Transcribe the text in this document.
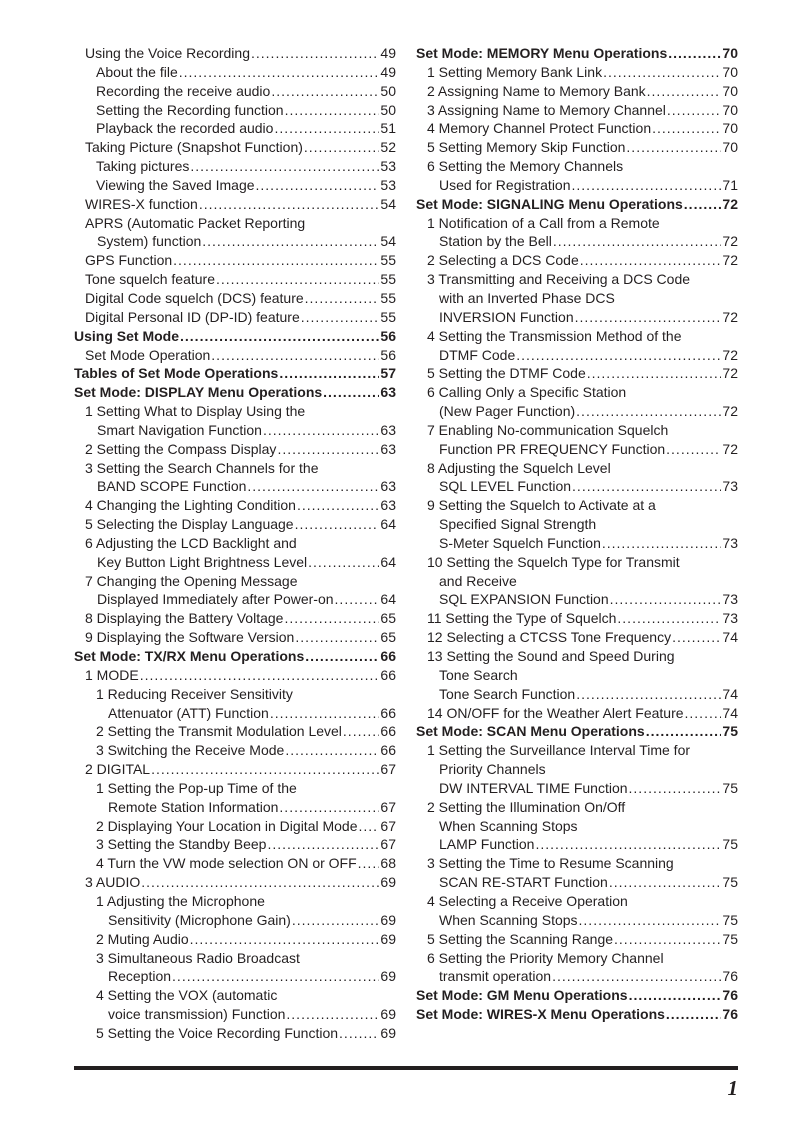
Using the Voice Recording .....	49
About the file .....	49
Recording the receive audio .....	50
Setting the Recording function .....	50
Playback the recorded audio .....	51
Taking Picture (Snapshot Function) .....	52
Taking pictures .....	53
Viewing the Saved Image .....	53
WIRES-X function .....	54
APRS (Automatic Packet Reporting
System) function .....	54
GPS Function .....	55
Tone squelch feature .....	55
Digital Code squelch (DCS) feature .....	55
Digital Personal ID (DP-ID) feature .....	55
Using Set Mode .....	56
Set Mode Operation .....	56
Tables of Set Mode Operations .....	57
Set Mode: DISPLAY Menu Operations .....	63
1 Setting What to Display Using the
Smart Navigation Function .....	63
2 Setting the Compass Display .....	63
3 Setting the Search Channels for the
BAND SCOPE Function .....	63
4 Changing the Lighting Condition .....	63
5 Selecting the Display Language .....	64
6 Adjusting the LCD Backlight and
Key Button Light Brightness Level .....	64
7 Changing the Opening Message
Displayed Immediately after Power-on .....	64
8 Displaying the Battery Voltage .....	65
9 Displaying the Software Version .....	65
Set Mode: TX/RX Menu Operations .....	66
1 MODE .....	66
1 Reducing Receiver Sensitivity
Attenuator (ATT) Function .....	66
2 Setting the Transmit Modulation Level .....	66
3 Switching the Receive Mode .....	66
2 DIGITAL .....	67
1 Setting the Pop-up Time of the
Remote Station Information .....	67
2 Displaying Your Location in Digital Mode ..... 67
3 Setting the Standby Beep .....	67
4 Turn the VW mode selection ON or OFF ..... 68
3 AUDIO .....	69
1 Adjusting the Microphone
Sensitivity (Microphone Gain) .....	69
2 Muting Audio .....	69
3 Simultaneous Radio Broadcast
Reception .....	69
4 Setting the VOX (automatic
voice transmission) Function .....	69
5 Setting the Voice Recording Function .....	69
Set Mode: MEMORY Menu Operations .....	70
1 Setting Memory Bank Link .....	70
2 Assigning Name to Memory Bank .....	70
3 Assigning Name to Memory Channel .....	70
4 Memory Channel Protect Function .....	70
5 Setting Memory Skip Function .....	70
6 Setting the Memory Channels
Used for Registration .....	71
Set Mode: SIGNALING Menu Operations .....	72
1 Notification of a Call from a Remote
Station by the Bell .....	72
2 Selecting a DCS Code .....	72
3 Transmitting and Receiving a DCS Code
with an Inverted Phase DCS
INVERSION Function .....	72
4 Setting the Transmission Method of the
DTMF Code .....	72
5 Setting the DTMF Code .....	72
6 Calling Only a Specific Station
(New Pager Function) .....	72
7 Enabling No-communication Squelch
Function PR FREQUENCY Function .....	72
8 Adjusting the Squelch Level
SQL LEVEL Function .....	73
9 Setting the Squelch to Activate at a
Specified Signal Strength
S-Meter Squelch Function .....	73
10 Setting the Squelch Type for Transmit
and Receive
SQL EXPANSION Function .....	73
11 Setting the Type of Squelch .....	73
12 Selecting a CTCSS Tone Frequency .....	74
13 Setting the Sound and Speed During
Tone Search
Tone Search Function .....	74
14 ON/OFF for the Weather Alert Feature .....	74
Set Mode: SCAN Menu Operations .....	75
1 Setting the Surveillance Interval Time for
Priority Channels
DW INTERVAL TIME Function .....	75
2 Setting the Illumination On/Off
When Scanning Stops
LAMP Function .....	75
3 Setting the Time to Resume Scanning
SCAN RE-START Function .....	75
4 Selecting a Receive Operation
When Scanning Stops .....	75
5 Setting the Scanning Range .....	75
6 Setting the Priority Memory Channel
transmit operation .....	76
Set Mode: GM Menu Operations .....	76
Set Mode: WIRES-X Menu Operations .....	76
1
